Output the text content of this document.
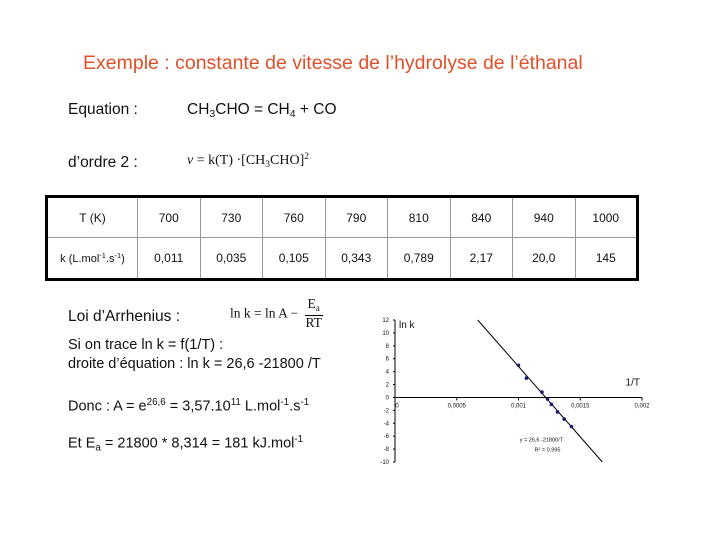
Exemple : constante de vitesse de l’hydrolyse de l’éthanal
Equation :	$CH_3CHO = CH_4$ + CO
d’ordre 2 :	$v = k(T) \cdot[CH_3CHO]^2$
T (K)	700	730	760	790	810	840	940	1000
k $(L.mol^{-1}.s^{-1})$	0,011	0,035	0,105	0,343	0,789	2,17	20,0	145
Loi d’Arrhenius :	$\ln k = \ln A - \frac{E_a}{RT}$
Si on trace ln k = f(1/T) :
droite d’équation : ln k = 26,6 -21800 /T
Donc : $A = e^{26,6} = 3,57.10^{11}$ $L.mol^{-1}.s^{-1}$
Et $E_a = 21800 * 8,314 = 181$ kJ.mol$^{-1}$
12
10
8
6
4
2
0
-2
-4
-6
-8
-10
0	0,0005	0,001	0,0015	0,002
ln k
1/T
y = 26,6 -21800/T
R² = 0,995
